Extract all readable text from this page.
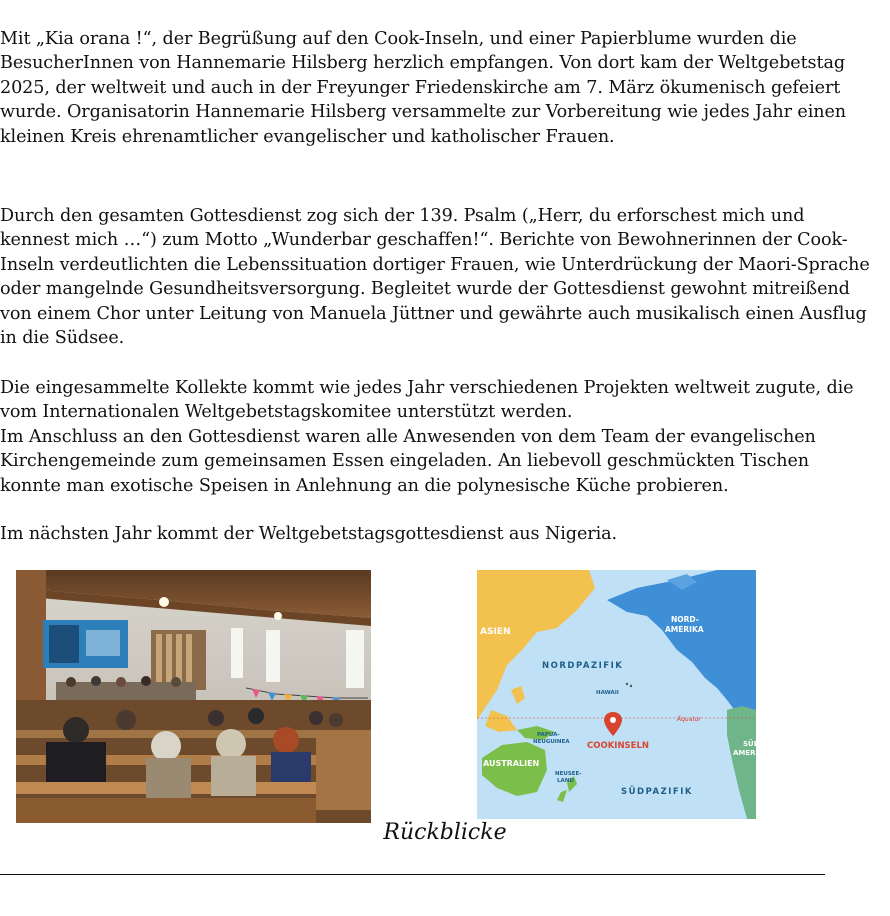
Mit „Kia orana !“, der Begrüßung auf den Cook-Inseln, und einer Papierblume wurden die BesucherInnen von Hannemarie Hilsberg herzlich empfangen. Von dort kam der Weltgebetstag 2025, der weltweit und auch in der Freyunger Friedenskirche am 7. März ökumenisch gefeiert wurde. Organisatorin Hannemarie Hilsberg versammelte zur Vorbereitung wie jedes Jahr einen kleinen Kreis ehrenamtlicher evangelischer und katholischer Frauen.

Durch den gesamten Gottesdienst zog sich der 139. Psalm („Herr, du erforschest mich und kennest mich …“) zum Motto „Wunderbar geschaffen!“. Berichte von Bewohnerinnen der Cook-Inseln verdeutlichten die Lebenssituation dortiger Frauen, wie Unterdrückung der Maori-Sprache oder mangelnde Gesundheitsversorgung. Begleitet wurde der Gottesdienst gewohnt mitreißend von einem Chor unter Leitung von Manuela Jüttner und gewährte auch musikalisch einen Ausflug in die Südsee.

Die eingesammelte Kollekte kommt wie jedes Jahr verschiedenen Projekten weltweit zugute, die vom Internationalen Weltgebetstagskomitee unterstützt werden.

Im Anschluss an den Gottesdienst waren alle Anwesenden von dem Team der evangelischen Kirchengemeinde zum gemeinsamen Essen eingeladen. An liebevoll geschmückten Tischen konnte man exotische Speisen in Anlehnung an die polynesische Küche probieren.

Im nächsten Jahr kommt der Weltgebetstagsgottesdienst aus Nigeria.

ASIEN
NORD- AMERIKA
NORDPAZIFIK
HAWAII
Äquator
PAPUA- NEUGUINEA COOKINSELN	SÜD- AMERIKA
AUSTRALIEN
NEUSEE- LAND
SÜDPAZIFIK
Rückblicke
